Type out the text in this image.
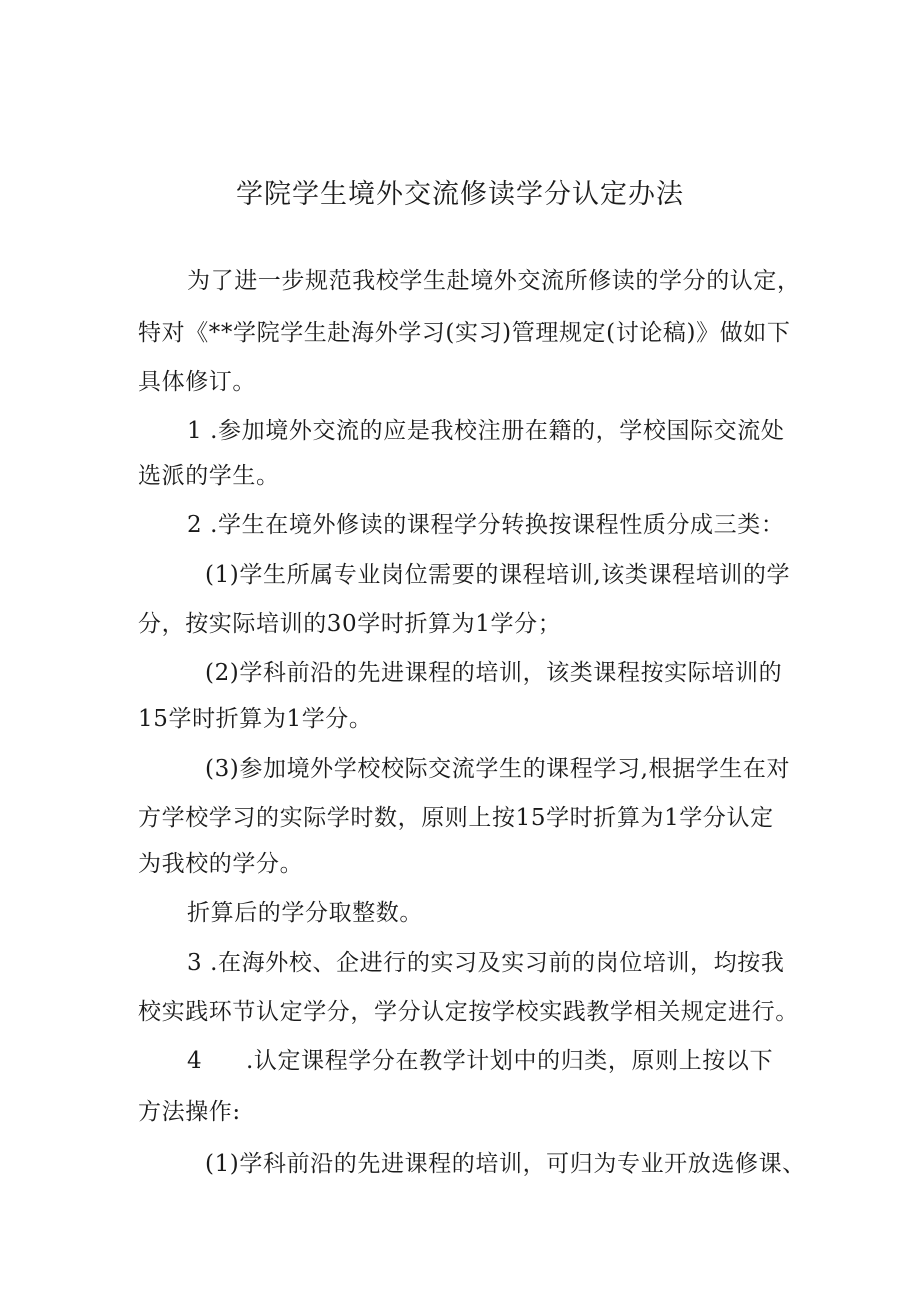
学院学生境外交流修读学分认定办法
为了进一步规范我校学生赴境外交流所修读的学分的认定，
特对《**学院学生赴海外学习(实习)管理规定(讨论稿)》做如下
具体修订。
1 .参加境外交流的应是我校注册在籍的，学校国际交流处
选派的学生。
2 .学生在境外修读的课程学分转换按课程性质分成三类：
(1)学生所属专业岗位需要的课程培训,该类课程培训的学
分，按实际培训的30学时折算为1学分；
(2)学科前沿的先进课程的培训，该类课程按实际培训的
15学时折算为1学分。
(3)参加境外学校校际交流学生的课程学习,根据学生在对
方学校学习的实际学时数，原则上按15学时折算为1学分认定
为我校的学分。
折算后的学分取整数。
3 .在海外校、企进行的实习及实习前的岗位培训，均按我
校实践环节认定学分，学分认定按学校实践教学相关规定进行。
4 .认定课程学分在教学计划中的归类，原则上按以下
方法操作:
(1)学科前沿的先进课程的培训，可归为专业开放选修课、
